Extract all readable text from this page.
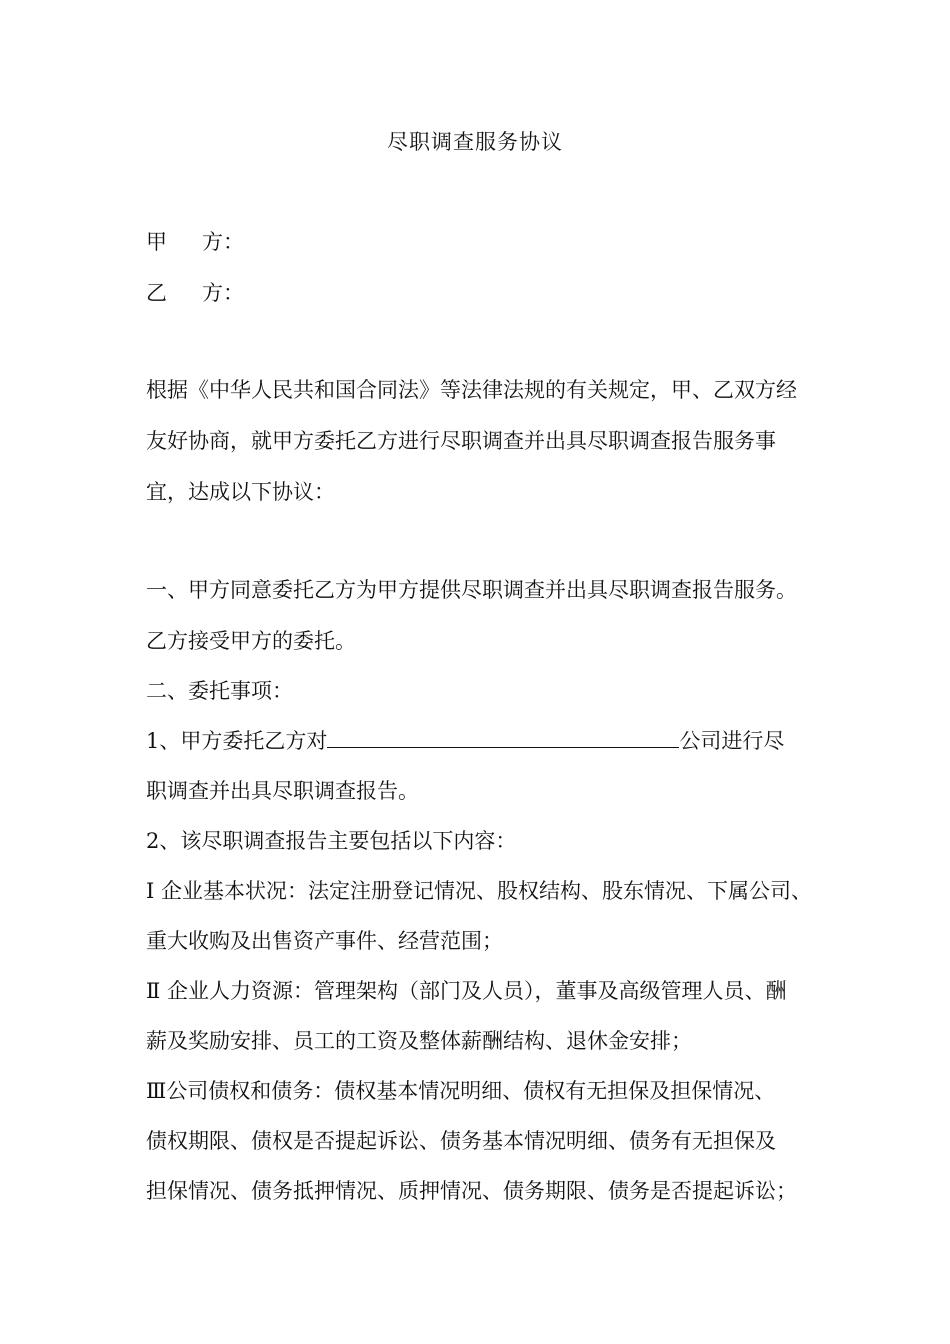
尽职调查服务协议
甲 方：
乙 方：
根据《中华人民共和国合同法》等法律法规的有关规定，甲、乙双方经
友好协商，就甲方委托乙方进行尽职调查并出具尽职调查报告服务事
宜，达成以下协议：
一、甲方同意委托乙方为甲方提供尽职调查并出具尽职调查报告服务。
乙方接受甲方的委托。
二、委托事项：
1、甲方委托乙方对	公司进行尽
职调查并出具尽职调查报告。
2、该尽职调查报告主要包括以下内容：
Ⅰ 企业基本状况：法定注册登记情况、股权结构、股东情况、下属公司、
重大收购及出售资产事件、经营范围；
Ⅱ 企业人力资源：管理架构（部门及人员），董事及高级管理人员、酬
薪及奖励安排、员工的工资及整体薪酬结构、退休金安排；
Ⅲ公司债权和债务：债权基本情况明细、债权有无担保及担保情况、
债权期限、债权是否提起诉讼、债务基本情况明细、债务有无担保及
担保情况、债务抵押情况、质押情况、债务期限、债务是否提起诉讼；
